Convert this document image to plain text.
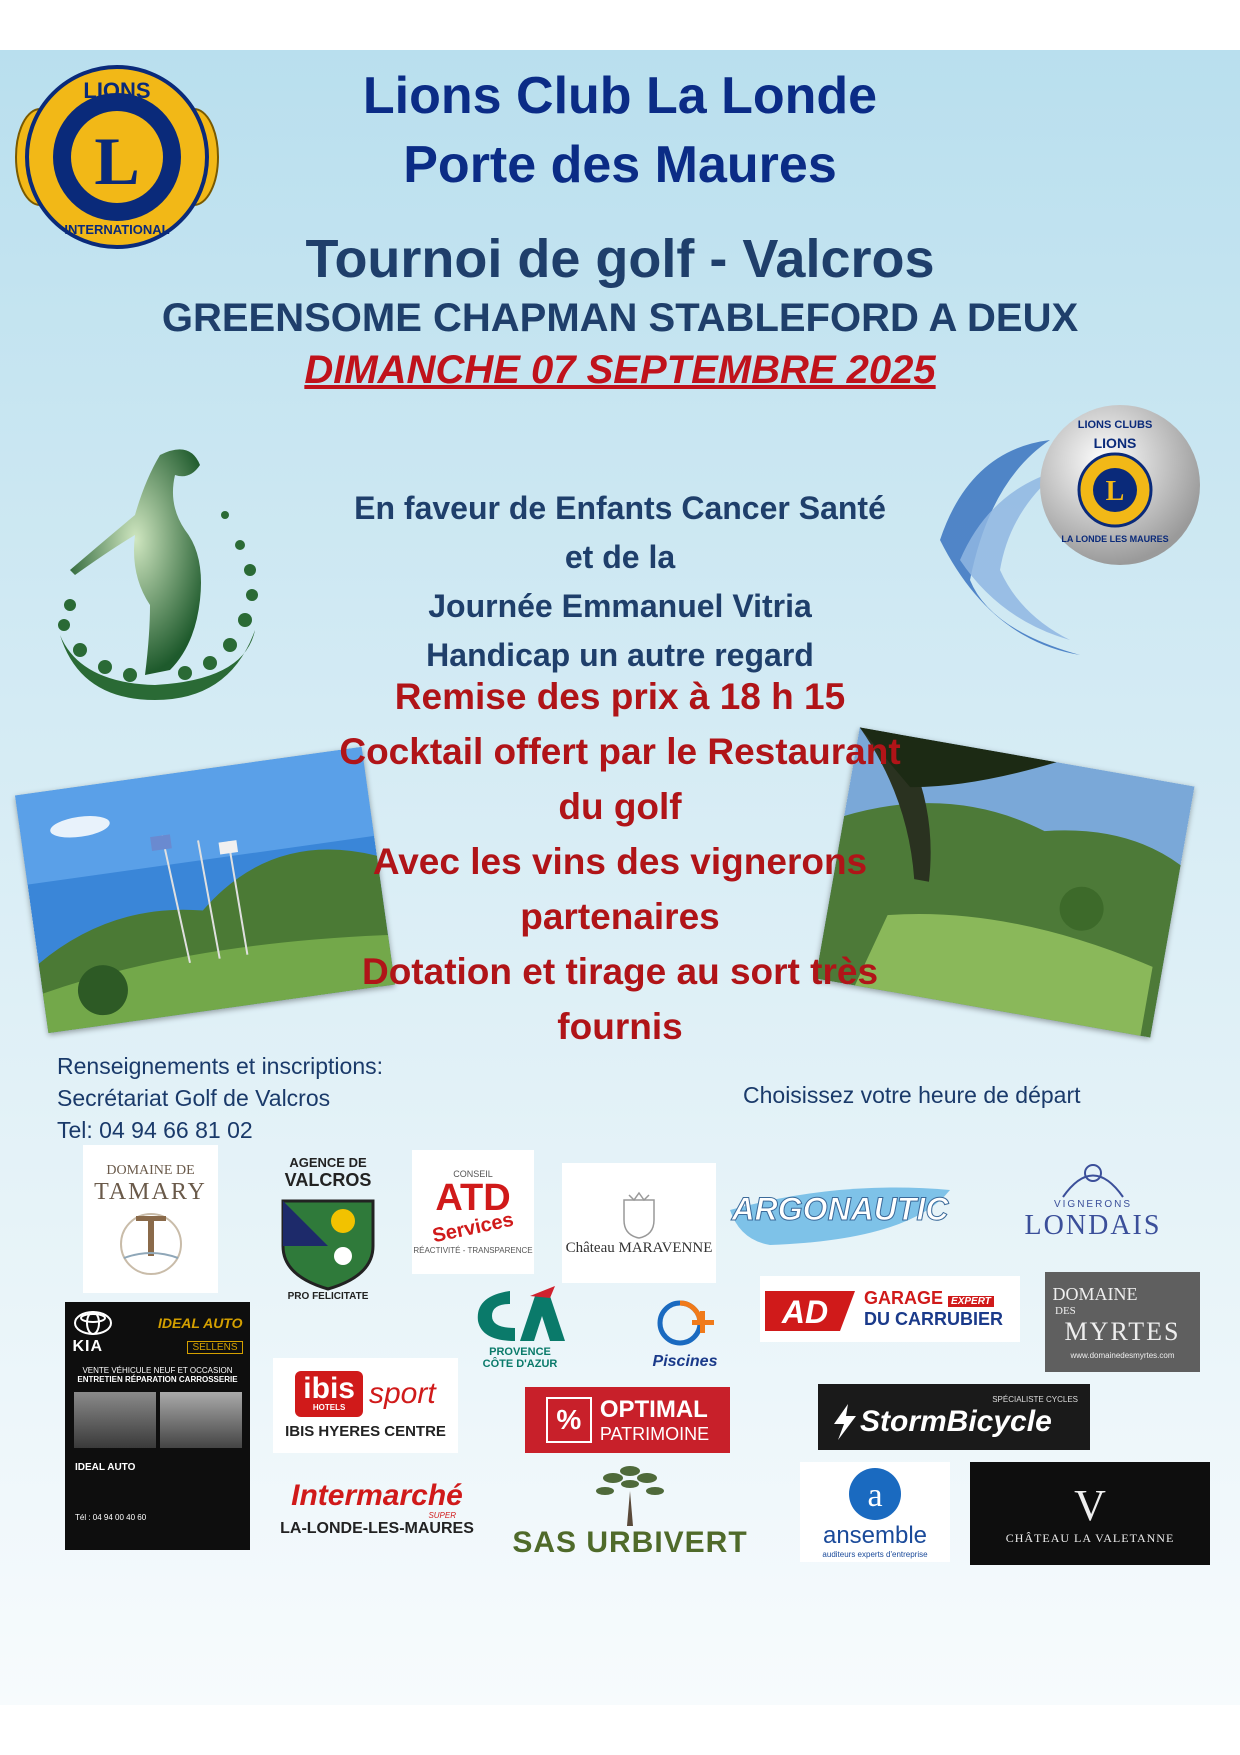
L
LIONS
INTERNATIONAL
Lions Club La Londe
Porte des Maures
Tournoi de golf - Valcros
GREENSOME CHAPMAN STABLEFORD A DEUX
DIMANCHE 07 SEPTEMBRE 2025
L
LIONS CLUBS
LIONS
LA LONDE LES MAURES
En faveur de Enfants Cancer Santé
et de la
Journée Emmanuel Vitria
Handicap un autre regard
Remise des prix à 18 h 15
Cocktail offert par le Restaurant
du golf
Avec les vins des vignerons
partenaires
Dotation et tirage au sort très
fournis
Renseignements et inscriptions:
Secrétariat Golf de Valcros
Tel: 04 94 66 81 02
Choisissez votre heure de départ
DOMAINE DE
TAMARY
AGENCE DE
VALCROS
PRO FELICITATE
CONSEIL
ATD
Services
RÉACTIVITÉ - TRANSPARENCE Château MARAVENNE
ARGONAUTIC	VIGNERONS
LONDAIS
IDEAL AUTO
KIA	SELLENS
VENTE VÉHICULE NEUF ET OCCASION
ENTRETIEN RÉPARATION CARROSSERIE
IDEAL AUTO
Tél : 04 94 00 40 60
PROVENCE
CÔTE D'AZUR	Piscines
AD GARAGE EXPERT
DU CARRUBIER
DOMAINE
DES
MYRTES
www.domainedesmyrtes.com
ibis
HOTELS sport
IBIS HYERES CENTRE	% OPTIMAL
PATRIMOINE
SPÉCIALISTE CYCLES
StormBicycle
Intermarché
SUPER
LA-LONDE-LES-MAURES SAS URBIVERT
a
ansemble
auditeurs experts d'entreprise
V
CHÂTEAU LA VALETANNE
